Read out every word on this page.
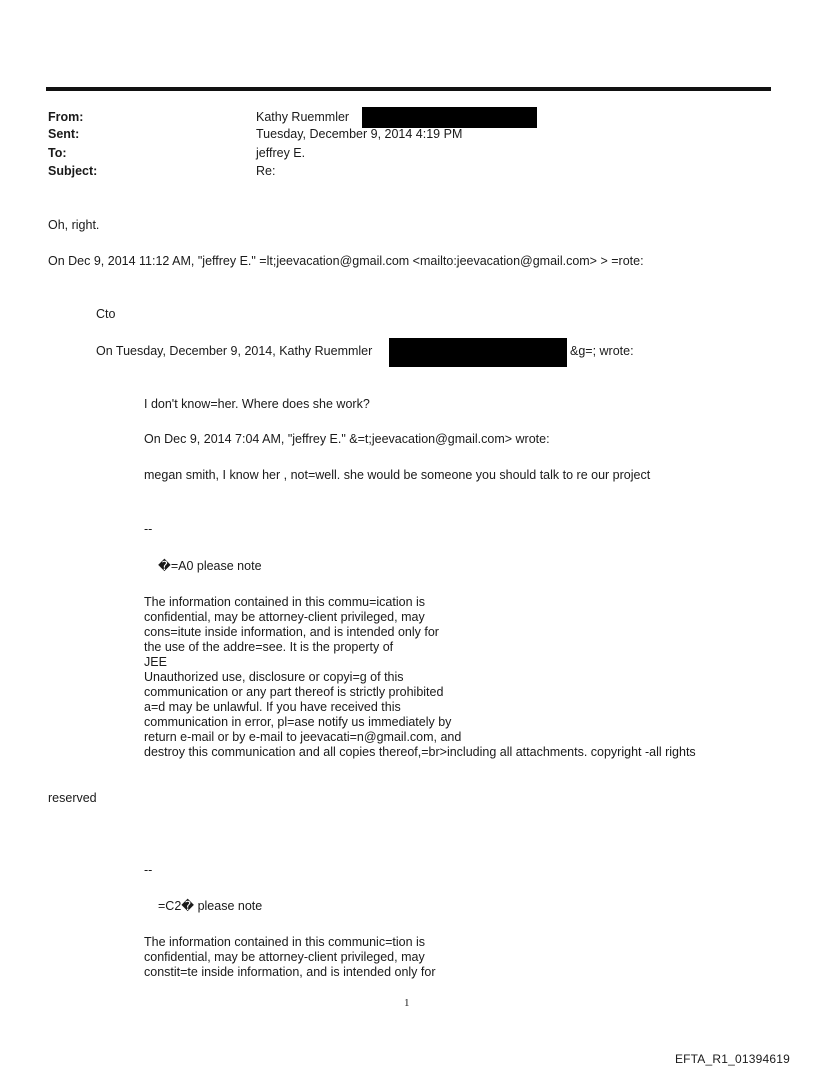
From:	Kathy Ruemmler
Sent:	Tuesday, December 9, 2014 4:19 PM
To:	jeffrey E.
Subject:	Re:
Oh, right.
On Dec 9, 2014 11:12 AM, "jeffrey E." =lt;jeevacation@gmail.com <mailto:jeevacation@gmail.com> > =rote:
Cto
On Tuesday, December 9, 2014, Kathy Ruemmler	&g=; wrote:
I don't know=her. Where does she work?
On Dec 9, 2014 7:04 AM, "jeffrey E." &=t;jeevacation@gmail.com> wrote:
megan smith, I know her , not=well. she would be someone you should talk to re our project
--
�=A0 please note
The information contained in this commu=ication is
confidential, may be attorney-client privileged, may
cons=itute inside information, and is intended only for
the use of the addre=see. It is the property of
JEE
Unauthorized use, disclosure or copyi=g of this
communication or any part thereof is strictly prohibited
a=d may be unlawful. If you have received this
communication in error, pl=ase notify us immediately by
return e-mail or by e-mail to jeevacati=n@gmail.com, and
destroy this communication and all copies thereof,=br>including all attachments. copyright -all rights
reserved
--
=C2� please note
The information contained in this communic=tion is
confidential, may be attorney-client privileged, may
constit=te inside information, and is intended only for
1
EFTA_R1_01394619
